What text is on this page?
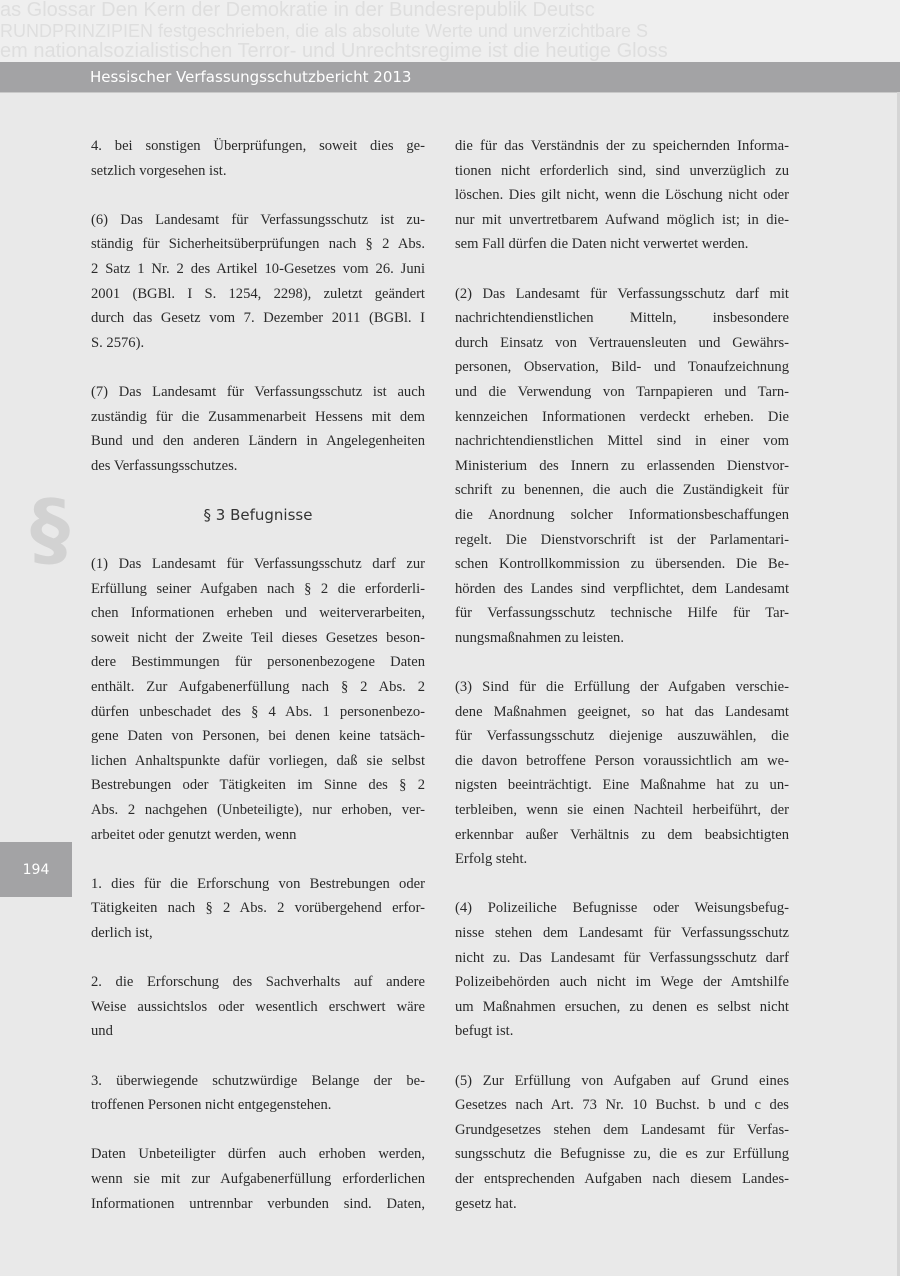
as Glossar Den Kern der Demokratie in der Bundesrepublik Deutsc
RUNDPRINZIPIEN festgeschrieben, die als absolute Werte und unverzichtbare S
em nationalsozialistischen Terror- und Unrechtsregime ist die heutige Gloss
Hessischer Verfassungsschutzbericht 2013
194
§
4. bei sonstigen Überprüfungen, soweit dies ge-
setzlich vorgesehen ist.
(6) Das Landesamt für Verfassungsschutz ist zu-
ständig für Sicherheitsüberprüfungen nach § 2 Abs.
2 Satz 1 Nr. 2 des Artikel 10-Gesetzes vom 26. Juni
2001 (BGBl. I S. 1254, 2298), zuletzt geändert
durch das Gesetz vom 7. Dezember 2011 (BGBl. I
S. 2576).
(7) Das Landesamt für Verfassungsschutz ist auch
zuständig für die Zusammenarbeit Hessens mit dem
Bund und den anderen Ländern in Angelegenheiten
des Verfassungsschutzes.
§ 3 Befugnisse
(1) Das Landesamt für Verfassungsschutz darf zur
Erfüllung seiner Aufgaben nach § 2 die erforderli-
chen Informationen erheben und weiterverarbeiten,
soweit nicht der Zweite Teil dieses Gesetzes beson-
dere Bestimmungen für personenbezogene Daten
enthält. Zur Aufgabenerfüllung nach § 2 Abs. 2
dürfen unbeschadet des § 4 Abs. 1 personenbezo-
gene Daten von Personen, bei denen keine tatsäch-
lichen Anhaltspunkte dafür vorliegen, daß sie selbst
Bestrebungen oder Tätigkeiten im Sinne des § 2
Abs. 2 nachgehen (Unbeteiligte), nur erhoben, ver-
arbeitet oder genutzt werden, wenn
1. dies für die Erforschung von Bestrebungen oder
Tätigkeiten nach § 2 Abs. 2 vorübergehend erfor-
derlich ist,
2. die Erforschung des Sachverhalts auf andere
Weise aussichtslos oder wesentlich erschwert wäre
und
3. überwiegende schutzwürdige Belange der be-
troffenen Personen nicht entgegenstehen.
Daten Unbeteiligter dürfen auch erhoben werden,
wenn sie mit zur Aufgabenerfüllung erforderlichen
Informationen untrennbar verbunden sind. Daten,
die für das Verständnis der zu speichernden Informa-
tionen nicht erforderlich sind, sind unverzüglich zu
löschen. Dies gilt nicht, wenn die Löschung nicht oder
nur mit unvertretbarem Aufwand möglich ist; in die-
sem Fall dürfen die Daten nicht verwertet werden.
(2) Das Landesamt für Verfassungsschutz darf mit
nachrichtendienstlichen Mitteln, insbesondere
durch Einsatz von Vertrauensleuten und Gewährs-
personen, Observation, Bild- und Tonaufzeichnung
und die Verwendung von Tarnpapieren und Tarn-
kennzeichen Informationen verdeckt erheben. Die
nachrichtendienstlichen Mittel sind in einer vom
Ministerium des Innern zu erlassenden Dienstvor-
schrift zu benennen, die auch die Zuständigkeit für
die Anordnung solcher Informationsbeschaffungen
regelt. Die Dienstvorschrift ist der Parlamentari-
schen Kontrollkommission zu übersenden. Die Be-
hörden des Landes sind verpflichtet, dem Landesamt
für Verfassungsschutz technische Hilfe für Tar-
nungsmaßnahmen zu leisten.
(3) Sind für die Erfüllung der Aufgaben verschie-
dene Maßnahmen geeignet, so hat das Landesamt
für Verfassungsschutz diejenige auszuwählen, die
die davon betroffene Person voraussichtlich am we-
nigsten beeinträchtigt. Eine Maßnahme hat zu un-
terbleiben, wenn sie einen Nachteil herbeiführt, der
erkennbar außer Verhältnis zu dem beabsichtigten
Erfolg steht.
(4) Polizeiliche Befugnisse oder Weisungsbefug-
nisse stehen dem Landesamt für Verfassungsschutz
nicht zu. Das Landesamt für Verfassungsschutz darf
Polizeibehörden auch nicht im Wege der Amtshilfe
um Maßnahmen ersuchen, zu denen es selbst nicht
befugt ist.
(5) Zur Erfüllung von Aufgaben auf Grund eines
Gesetzes nach Art. 73 Nr. 10 Buchst. b und c des
Grundgesetzes stehen dem Landesamt für Verfas-
sungsschutz die Befugnisse zu, die es zur Erfüllung
der entsprechenden Aufgaben nach diesem Landes-
gesetz hat.
